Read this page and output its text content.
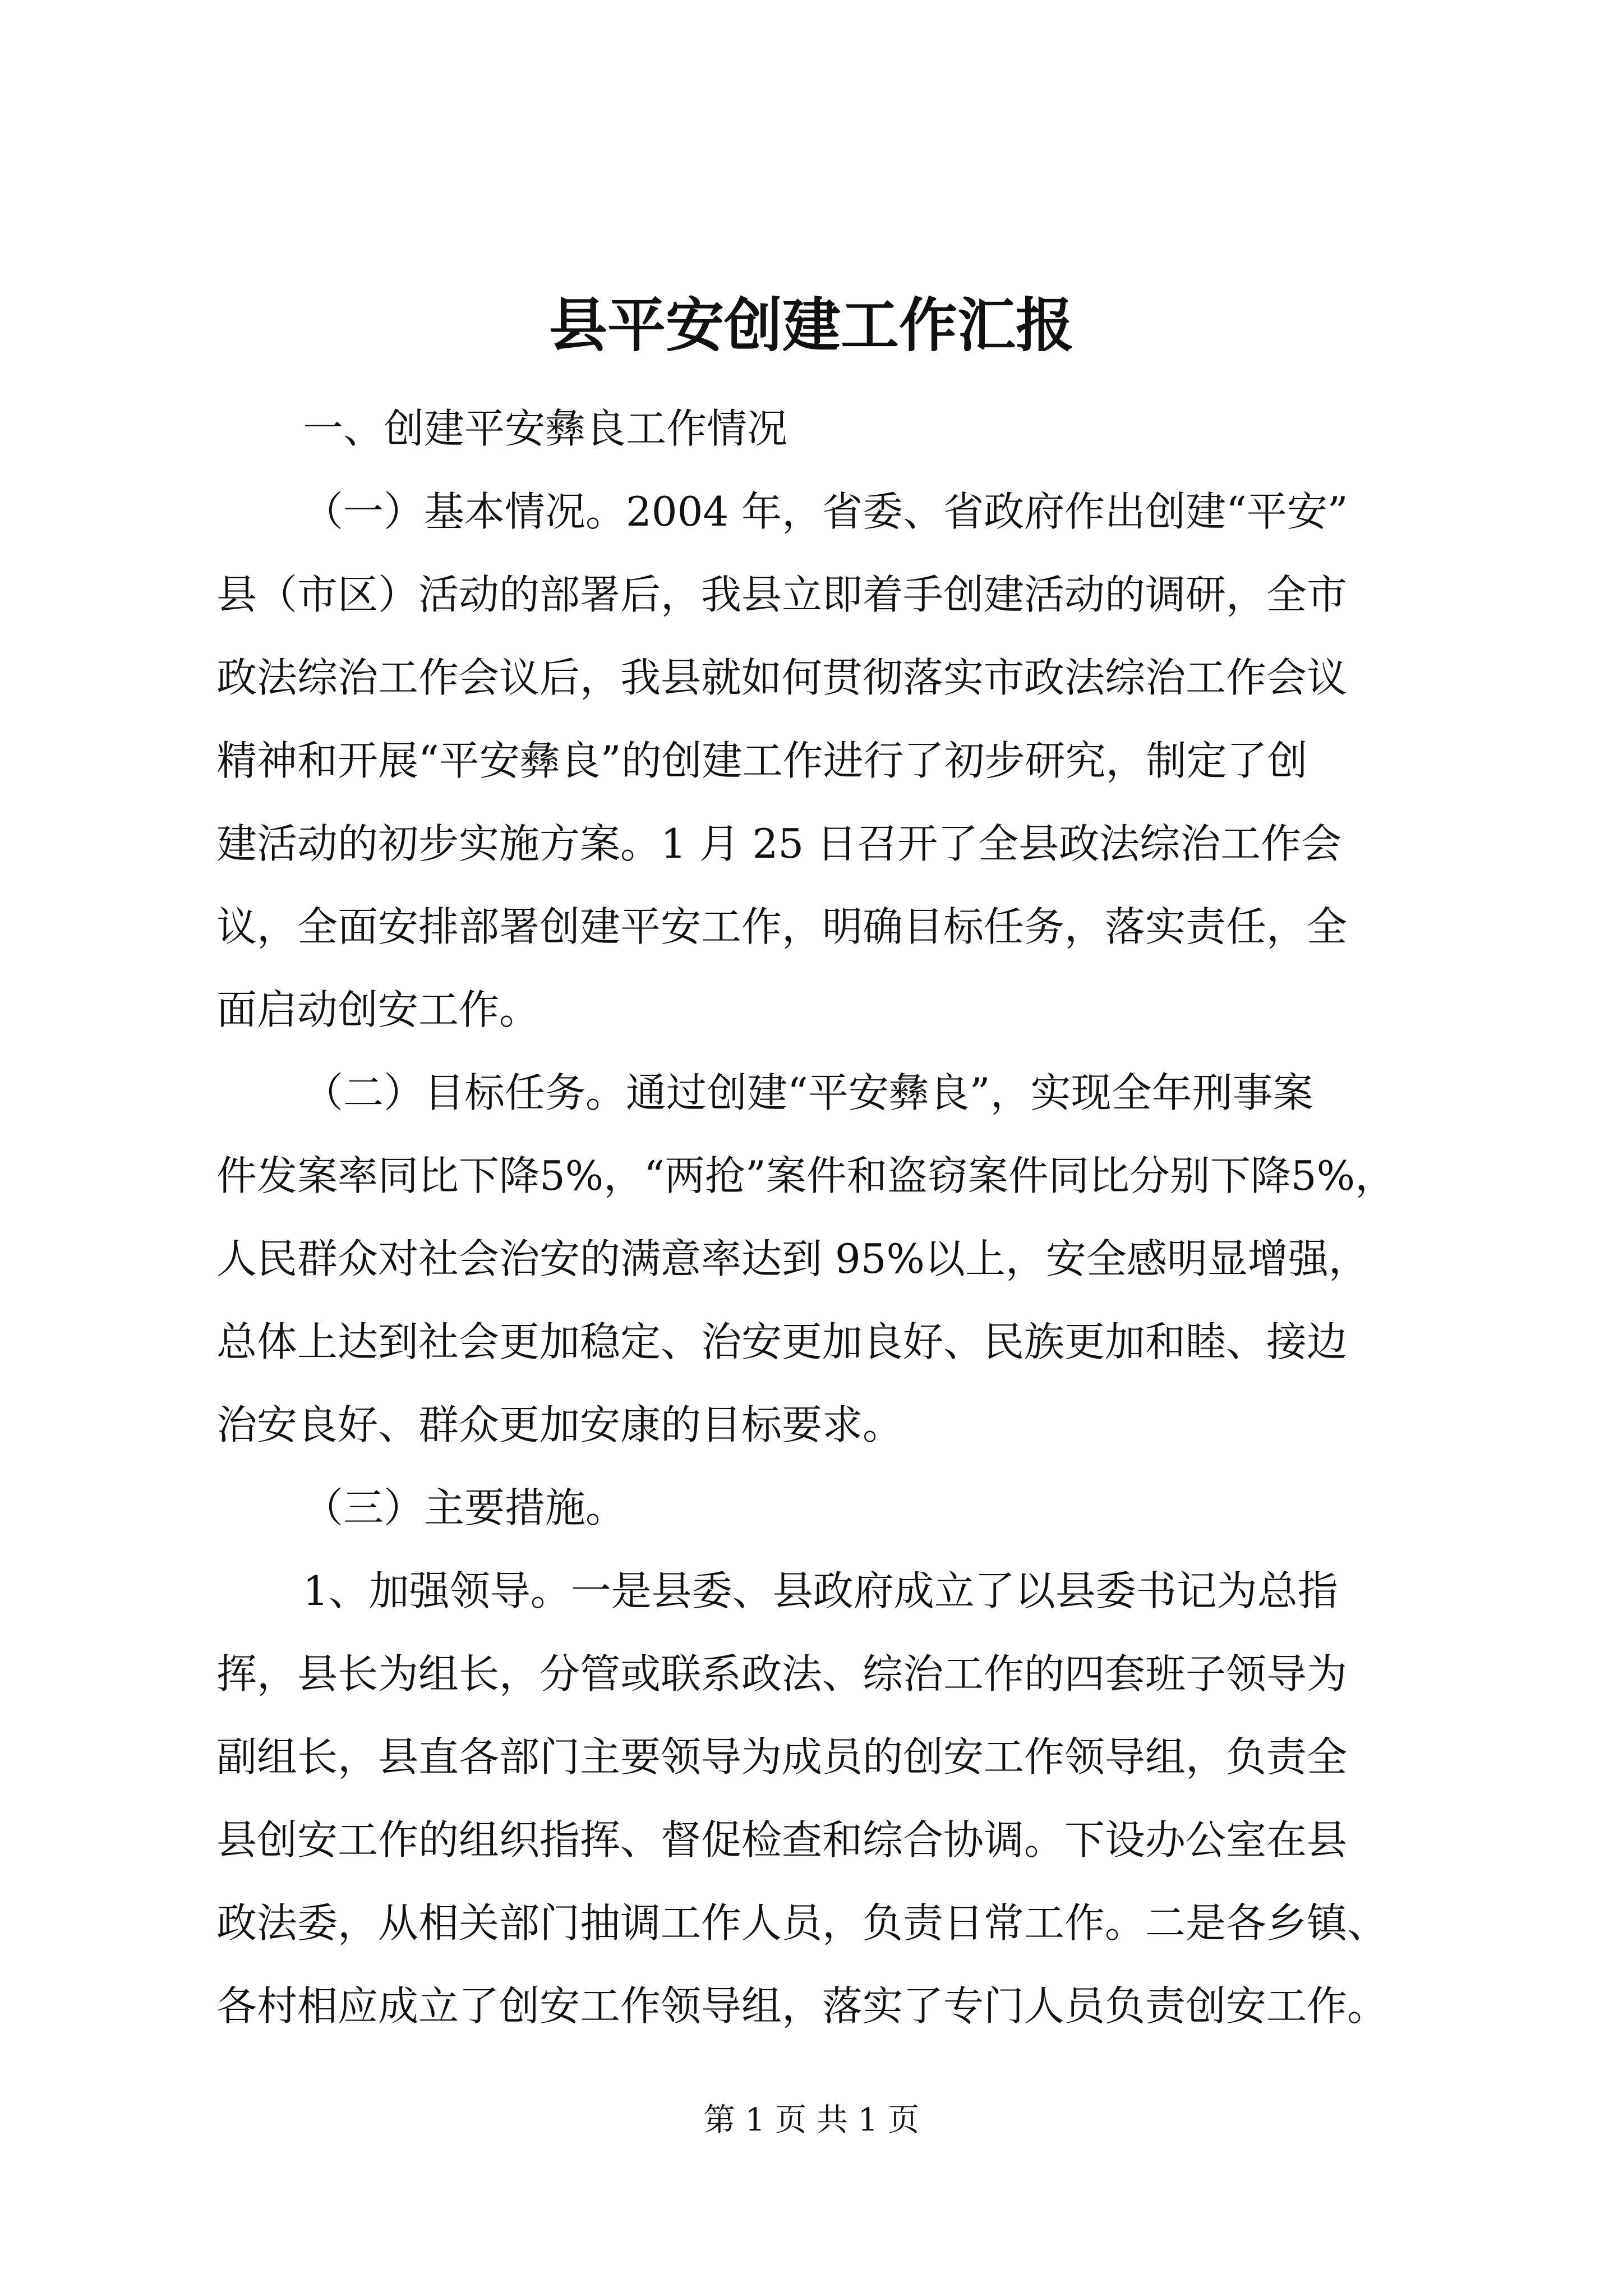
县平安创建工作汇报
一、创建平安彝良工作情况
（一）基本情况。2004 年，省委、省政府作出创建“平安”
县（市区）活动的部署后，我县立即着手创建活动的调研，全市
政法综治工作会议后，我县就如何贯彻落实市政法综治工作会议
精神和开展“平安彝良”的创建工作进行了初步研究，制定了创
建活动的初步实施方案。1 月 25 日召开了全县政法综治工作会
议，全面安排部署创建平安工作，明确目标任务，落实责任，全
面启动创安工作。
（二）目标任务。通过创建“平安彝良”，实现全年刑事案
件发案率同比下降5%，“两抢”案件和盗窃案件同比分别下降5%，
人民群众对社会治安的满意率达到 95%以上，安全感明显增强，
总体上达到社会更加稳定、治安更加良好、民族更加和睦、接边
治安良好、群众更加安康的目标要求。
（三）主要措施。
1、加强领导。一是县委、县政府成立了以县委书记为总指
挥，县长为组长，分管或联系政法、综治工作的四套班子领导为
副组长，县直各部门主要领导为成员的创安工作领导组，负责全
县创安工作的组织指挥、督促检查和综合协调。下设办公室在县
政法委，从相关部门抽调工作人员，负责日常工作。二是各乡镇、
各村相应成立了创安工作领导组，落实了专门人员负责创安工作。
第 1 页 共 1 页
